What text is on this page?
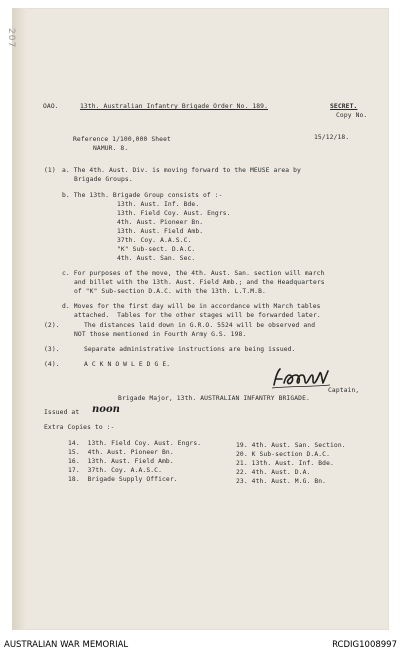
207
OAO.	13th. Australian Infantry Brigade Order No. 189.	SECRET.
Copy No.
15/12/18.
Reference 1/100,000 Sheet
NAMUR. 8.
(1) a. The 4th. Aust. Div. is moving forward to the MEUSE area by
Brigade Groups.
b. The 13th. Brigade Group consists of :-
13th. Aust. Inf. Bde.
13th. Field Coy. Aust. Engrs.
4th. Aust. Pioneer Bn.
13th. Aust. Field Amb.
37th. Coy. A.A.S.C.
"K" Sub-sect. D.A.C.
4th. Aust. San. Sec.
c. For purposes of the move, the 4th. Aust. San. section will march
and billet with the 13th. Aust. Field Amb.; and the Headquarters
of "K" Sub-section D.A.C. with the 13th. L.T.M.B.
d. Moves for the first day will be in accordance with March tables
attached.  Tables for the other stages will be forwarded later.
(2).	The distances laid down in G.R.O. 5524 will be observed and
NOT those mentioned in Fourth Army G.S. 198.
(3).	Separate administrative instructions are being issued.
(4).	A C K N O W L E D G E.
Captain,
Brigade Major, 13th. AUSTRALIAN INFANTRY BRIGADE.
Issued at noon
Extra Copies to :-
14.  13th. Field Coy. Aust. Engrs.
15.  4th. Aust. Pioneer Bn.
16.  13th. Aust. Field Amb.
17.  37th. Coy. A.A.S.C.
18.  Brigade Supply Officer.
19. 4th. Aust. San. Section.
20. K Sub-section D.A.C.
21. 13th. Aust. Inf. Bde.
22. 4th. Aust. D.A.
23. 4th. Aust. M.G. Bn.
AUSTRALIAN WAR MEMORIAL	RCDIG1008997
